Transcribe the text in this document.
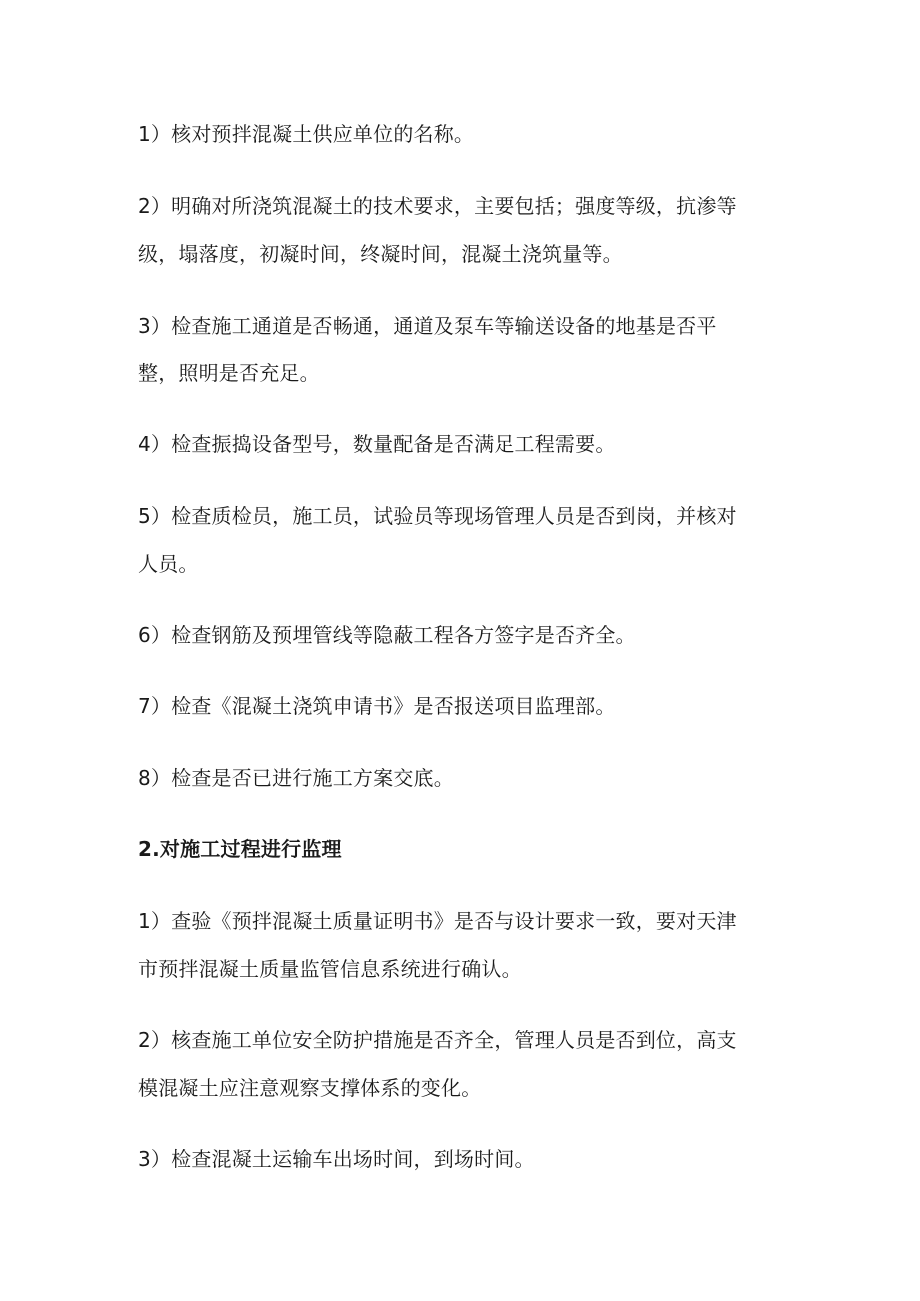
1）核对预拌混凝土供应单位的名称。
2）明确对所浇筑混凝土的技术要求，主要包括；强度等级，抗渗等
级，塌落度，初凝时间，终凝时间，混凝土浇筑量等。
3）检查施工通道是否畅通，通道及泵车等输送设备的地基是否平
整，照明是否充足。
4）检查振捣设备型号，数量配备是否满足工程需要。
5）检查质检员，施工员，试验员等现场管理人员是否到岗，并核对
人员。
6）检查钢筋及预埋管线等隐蔽工程各方签字是否齐全。
7）检查《混凝土浇筑申请书》是否报送项目监理部。
8）检查是否已进行施工方案交底。
2.对施工过程进行监理
1）查验《预拌混凝土质量证明书》是否与设计要求一致，要对天津
市预拌混凝土质量监管信息系统进行确认。
2）核查施工单位安全防护措施是否齐全，管理人员是否到位，高支
模混凝土应注意观察支撑体系的变化。
3）检查混凝土运输车出场时间，到场时间。
